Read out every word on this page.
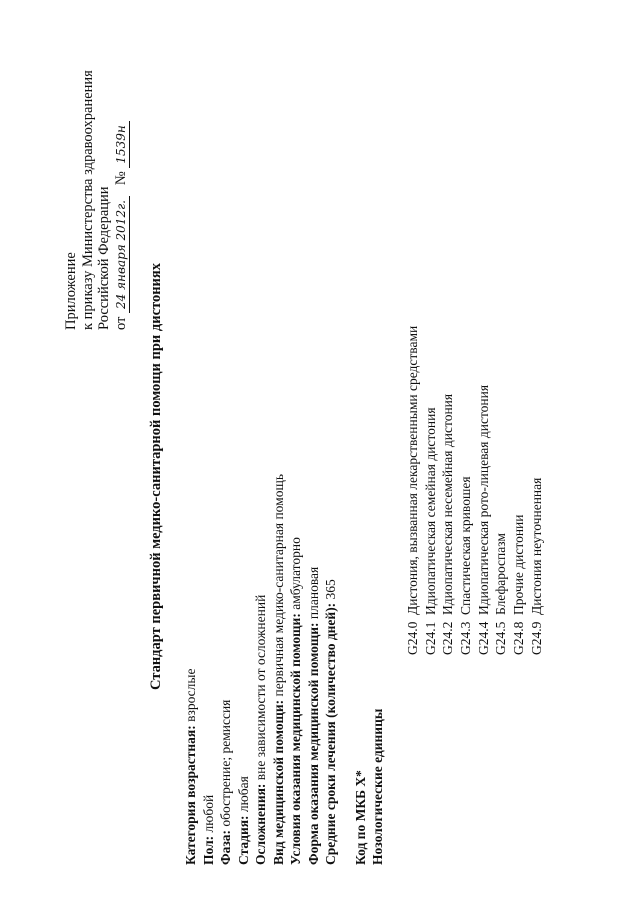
Приложение к приказу Министерства здравоохранения Российской Федерации от 24 января 2012г.   № 1539н
Стандарт первичной медико-санитарной помощи при дистониях
Категория возрастная: взрослые
Пол: любой
Фаза: обострение; ремиссия
Стадия: любая Осложнения: вне зависимости от осложнений
Вид медицинской помощи: первичная медико-санитарная помощь
Условия оказания медицинской помощи: амбулаторно
Форма оказания медицинской помощи: плановая
Средние сроки лечения (количество дней): 365
Код по МКБ X* Нозологические единицы
G24.0
Дистония, вызванная лекарственными средствами
G24.1
Идиопатическая семейная дистония
G24.2
Идиопатическая несемейная дистония
G24.3
Спастическая кривошея
G24.4
Идиопатическая рото-лицевая дистония
G24.5
Блефароспазм
G24.8
Прочие дистонии
G24.9
Дистония неуточненная
